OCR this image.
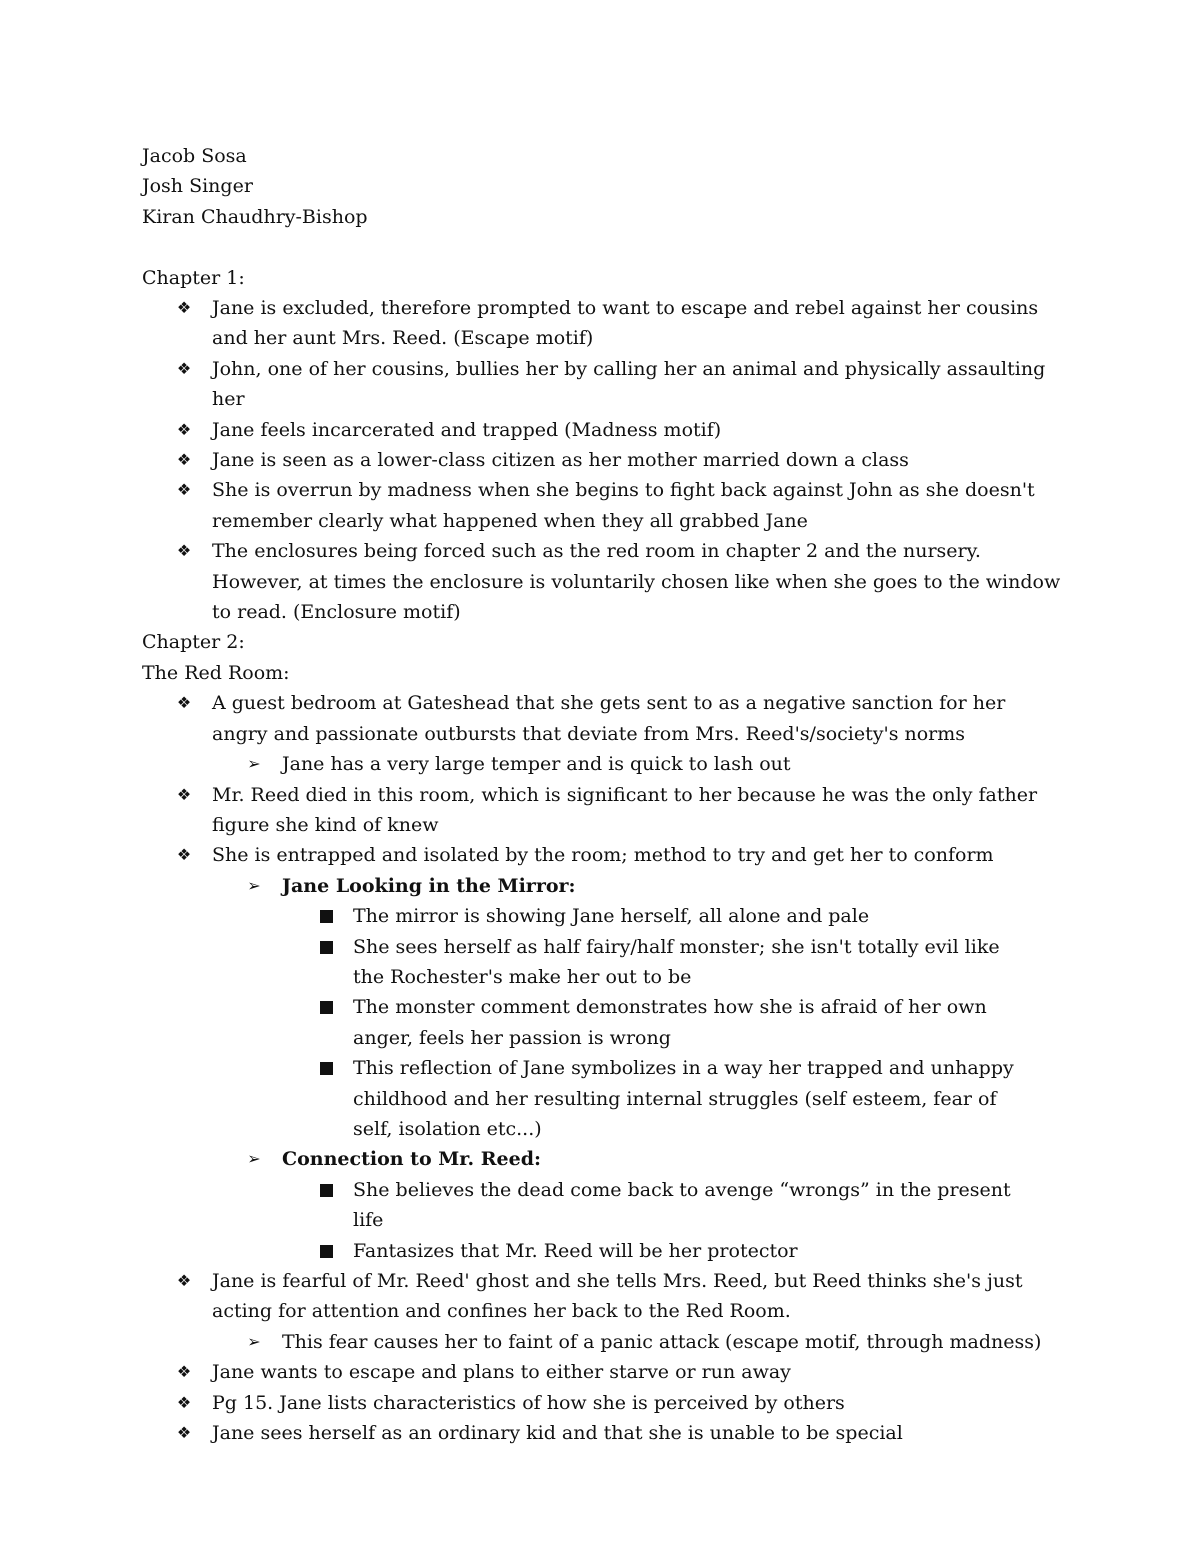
Jacob Sosa

Josh Singer

Kiran Chaudhry-Bishop

Chapter 1:

❖ Jane is excluded, therefore prompted to want to escape and rebel against her cousins and her aunt Mrs. Reed. (Escape motif)
❖ John, one of her cousins, bullies her by calling her an animal and physically assaulting her
❖ Jane feels incarcerated and trapped (Madness motif)
❖ Jane is seen as a lower-class citizen as her mother married down a class
❖ She is overrun by madness when she begins to fight back against John as she doesn't remember clearly what happened when they all grabbed Jane
❖ The enclosures being forced such as the red room in chapter 2 and the nursery. However, at times the enclosure is voluntarily chosen like when she goes to the window to read. (Enclosure motif)

Chapter 2:

The Red Room:

❖ A guest bedroom at Gateshead that she gets sent to as a negative sanction for her angry and passionate outbursts that deviate from Mrs. Reed's/society's norms
➢ Jane has a very large temper and is quick to lash out
❖ Mr. Reed died in this room, which is significant to her because he was the only father figure she kind of knew
❖ She is entrapped and isolated by the room; method to try and get her to conform
➢ Jane Looking in the Mirror:
The mirror is showing Jane herself, all alone and pale
She sees herself as half fairy/half monster; she isn't totally evil like the Rochester's make her out to be
The monster comment demonstrates how she is afraid of her own anger, feels her passion is wrong
This reflection of Jane symbolizes in a way her trapped and unhappy childhood and her resulting internal struggles (self esteem, fear of self, isolation etc...)
➢ Connection to Mr. Reed:
She believes the dead come back to avenge “wrongs” in the present life
Fantasizes that Mr. Reed will be her protector
❖ Jane is fearful of Mr. Reed' ghost and she tells Mrs. Reed, but Reed thinks she's just acting for attention and confines her back to the Red Room.
➢ This fear causes her to faint of a panic attack (escape motif, through madness)
❖ Jane wants to escape and plans to either starve or run away
❖ Pg 15. Jane lists characteristics of how she is perceived by others
❖ Jane sees herself as an ordinary kid and that she is unable to be special
